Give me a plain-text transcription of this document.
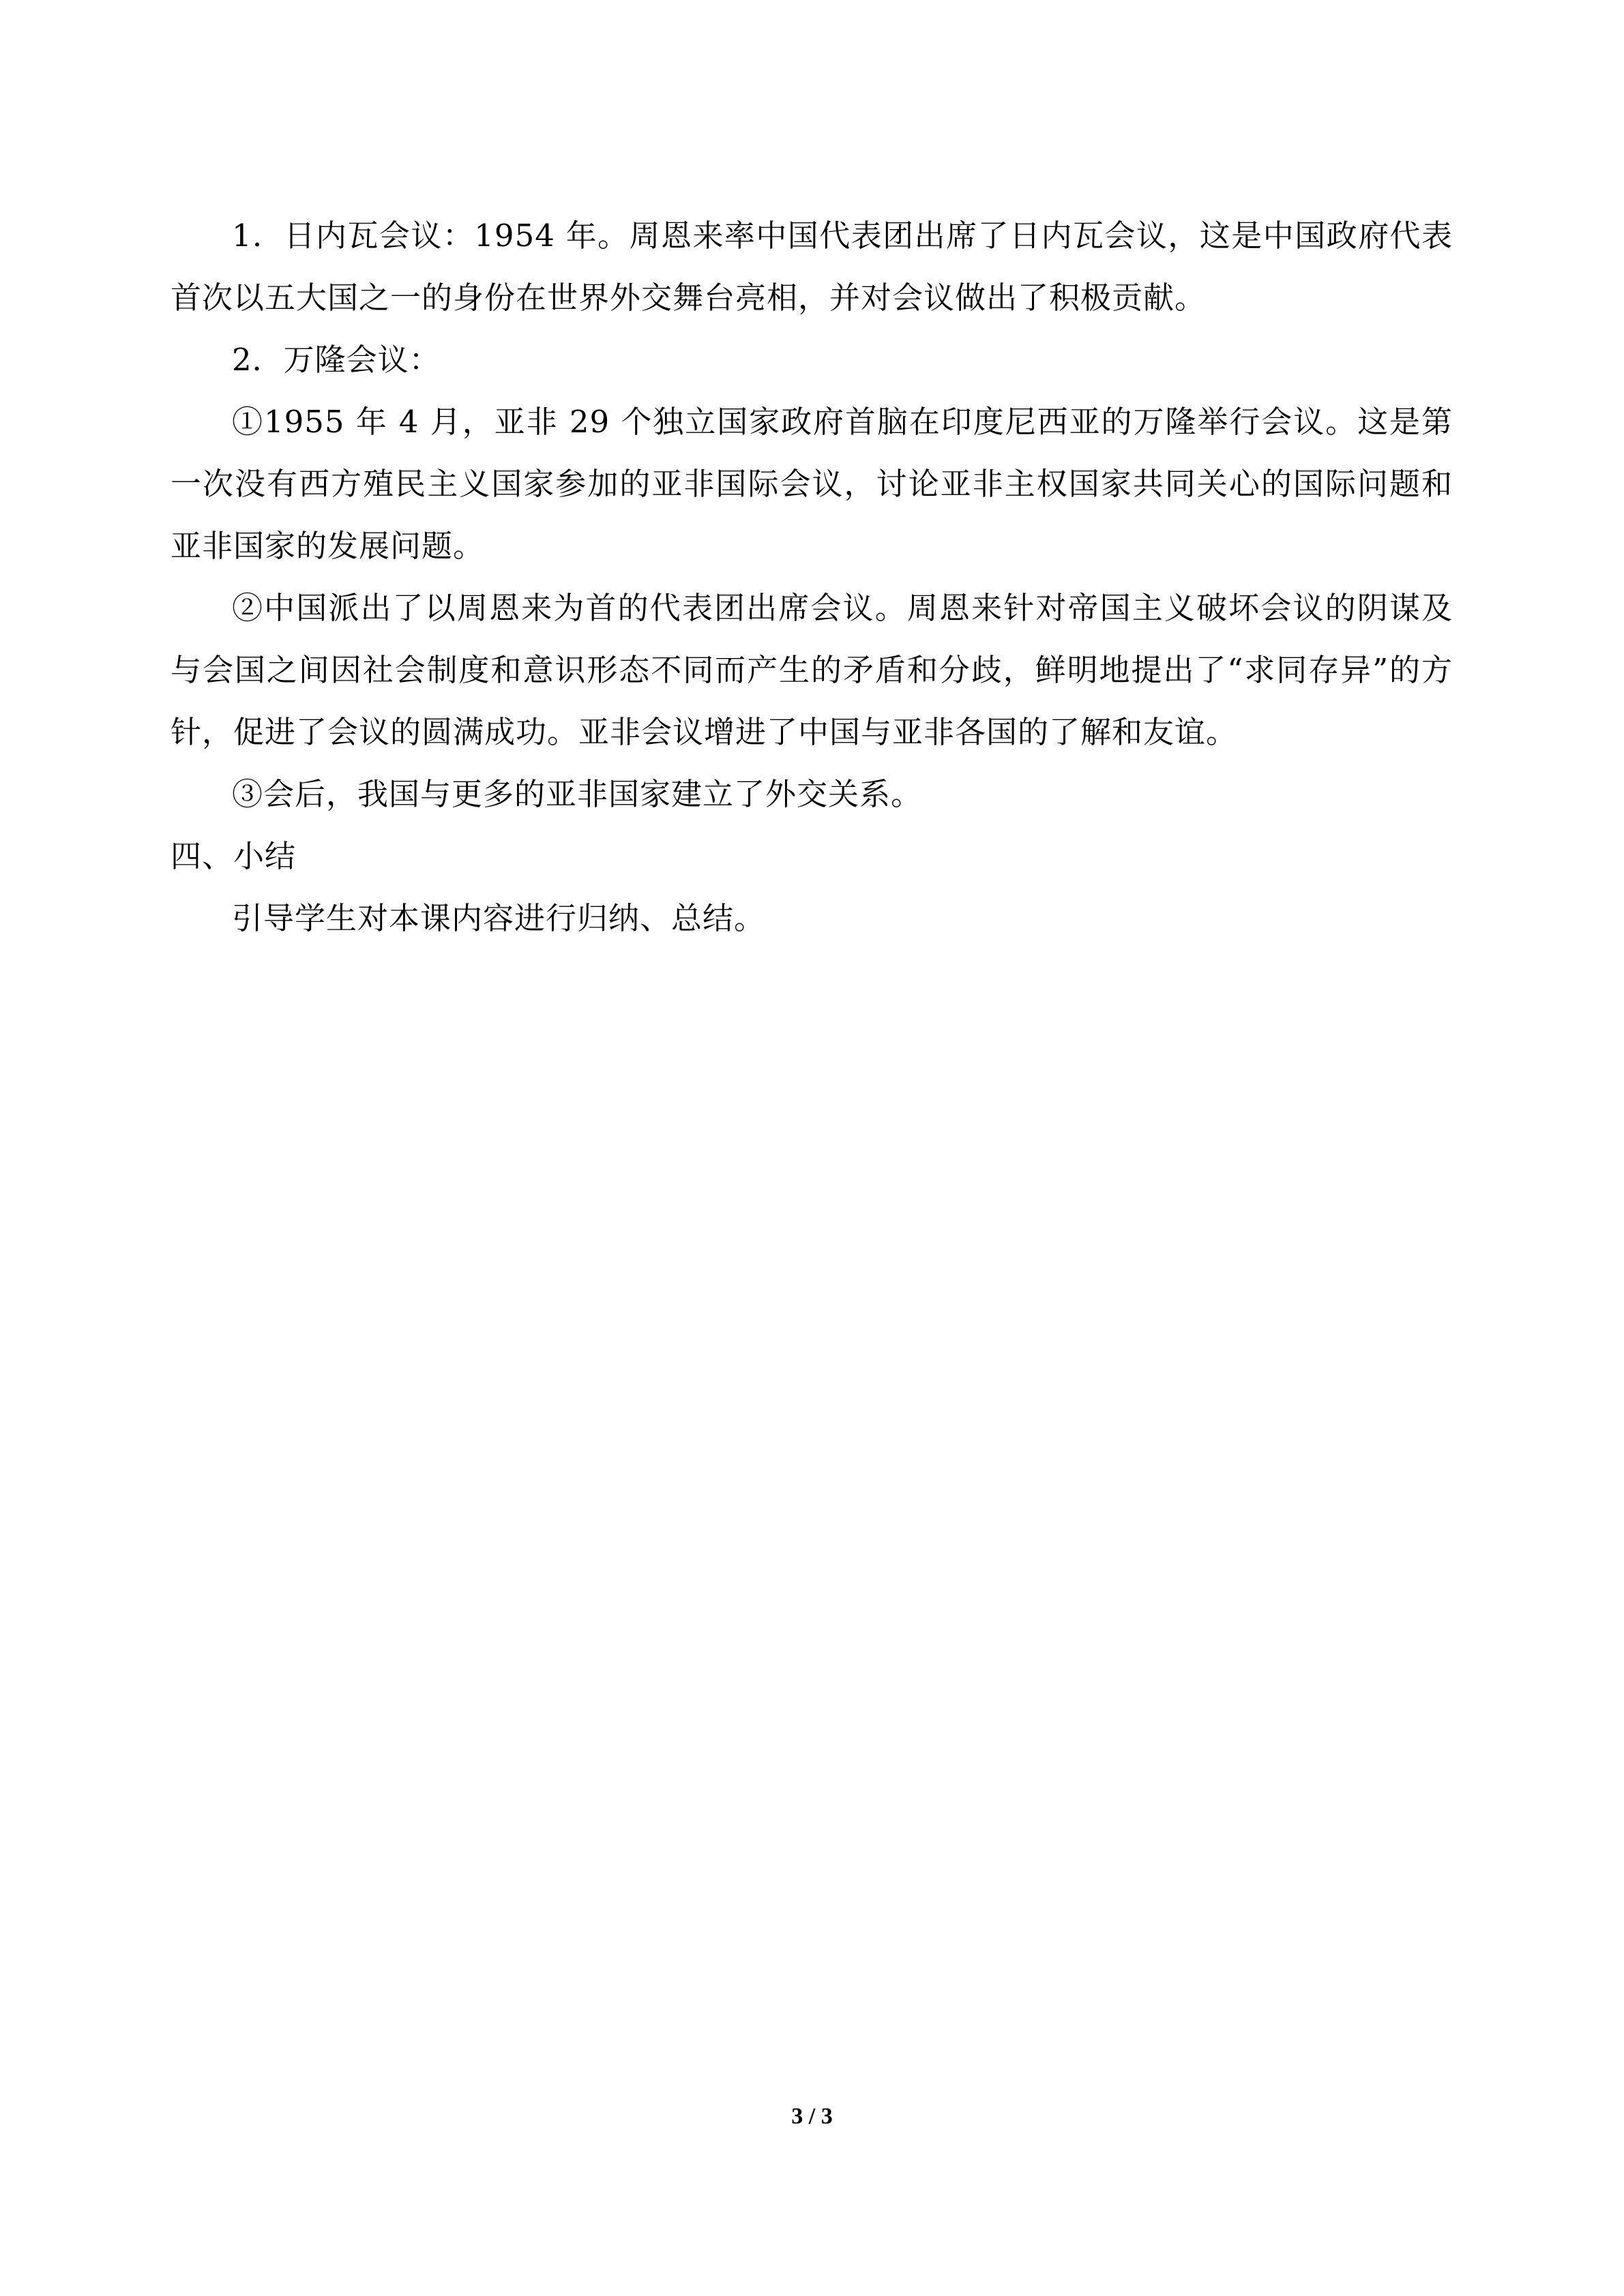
1．日内瓦会议：1954 年。周恩来率中国代表团出席了日内瓦会议，这是中国政府代表首次以五大国之一的身份在世界外交舞台亮相，并对会议做出了积极贡献。

2．万隆会议：

①1955 年 4 月，亚非 29 个独立国家政府首脑在印度尼西亚的万隆举行会议。这是第一次没有西方殖民主义国家参加的亚非国际会议，讨论亚非主权国家共同关心的国际问题和亚非国家的发展问题。

②中国派出了以周恩来为首的代表团出席会议。周恩来针对帝国主义破坏会议的阴谋及与会国之间因社会制度和意识形态不同而产生的矛盾和分歧，鲜明地提出了“求同存异”的方针，促进了会议的圆满成功。亚非会议增进了中国与亚非各国的了解和友谊。

③会后，我国与更多的亚非国家建立了外交关系。

四、小结

引导学生对本课内容进行归纳、总结。

3 / 3
